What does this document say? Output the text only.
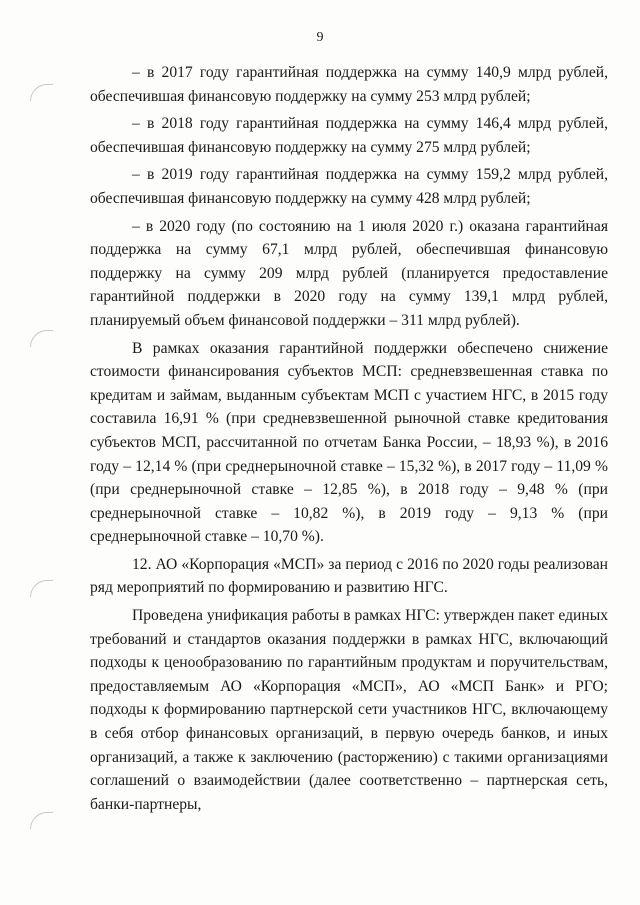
9

– в 2017 году гарантийная поддержка на сумму 140,9 млрд рублей, обеспечившая финансовую поддержку на сумму 253 млрд рублей;

– в 2018 году гарантийная поддержка на сумму 146,4 млрд рублей, обеспечившая финансовую поддержку на сумму 275 млрд рублей;

– в 2019 году гарантийная поддержка на сумму 159,2 млрд рублей, обеспечившая финансовую поддержку на сумму 428 млрд рублей;

– в 2020 году (по состоянию на 1 июля 2020 г.) оказана гарантийная поддержка на сумму 67,1 млрд рублей, обеспечившая финансовую поддержку на сумму 209 млрд рублей (планируется предоставление гарантийной поддержки в 2020 году на сумму 139,1 млрд рублей, планируемый объем финансовой поддержки – 311 млрд рублей).

В рамках оказания гарантийной поддержки обеспечено снижение стоимости финансирования субъектов МСП: средневзвешенная ставка по кредитам и займам, выданным субъектам МСП с участием НГС, в 2015 году составила 16,91 % (при средневзвешенной рыночной ставке кредитования субъектов МСП, рассчитанной по отчетам Банка России, – 18,93 %), в 2016 году – 12,14 % (при среднерыночной ставке – 15,32 %), в 2017 году – 11,09 % (при среднерыночной ставке – 12,85 %), в 2018 году – 9,48 % (при среднерыночной ставке – 10,82 %), в 2019 году – 9,13 % (при среднерыночной ставке – 10,70 %).

12. АО «Корпорация «МСП» за период с 2016 по 2020 годы реализован ряд мероприятий по формированию и развитию НГС.

Проведена унификация работы в рамках НГС: утвержден пакет единых требований и стандартов оказания поддержки в рамках НГС, включающий подходы к ценообразованию по гарантийным продуктам и поручительствам, предоставляемым АО «Корпорация «МСП», АО «МСП Банк» и РГО; подходы к формированию партнерской сети участников НГС, включающему в себя отбор финансовых организаций, в первую очередь банков, и иных организаций, а также к заключению (расторжению) с такими организациями соглашений о взаимодействии (далее соответственно – партнерская сеть, банки-партнеры,
